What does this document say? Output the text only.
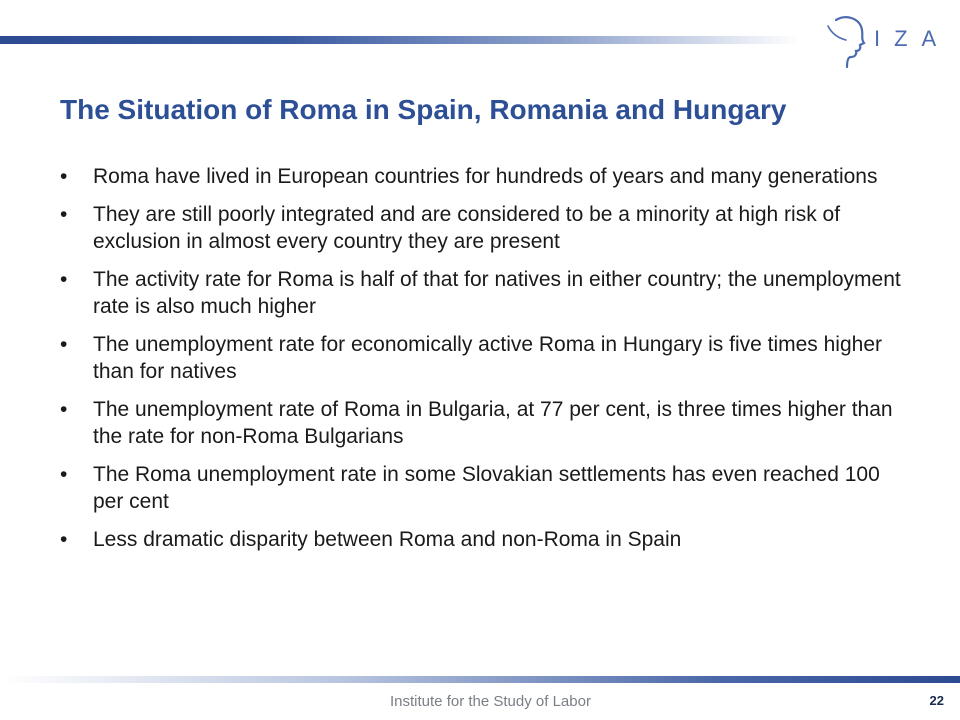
IZA
The Situation of Roma in Spain, Romania and Hungary
•	Roma have lived in European countries for hundreds of years and many generations
•	They are still poorly integrated and are considered to be a minority at high risk of exclusion in almost every country they are present
•	The activity rate for Roma is half of that for natives in either country; the unemployment rate is also much higher
•	The unemployment rate for economically active Roma in Hungary is five times higher than for natives
•	The unemployment rate of Roma in Bulgaria, at 77 per cent, is three times higher than the rate for non-Roma Bulgarians
•	The Roma unemployment rate in some Slovakian settlements has even reached 100 per cent
•	Less dramatic disparity between Roma and non-Roma in Spain
Institute for the Study of Labor	22
